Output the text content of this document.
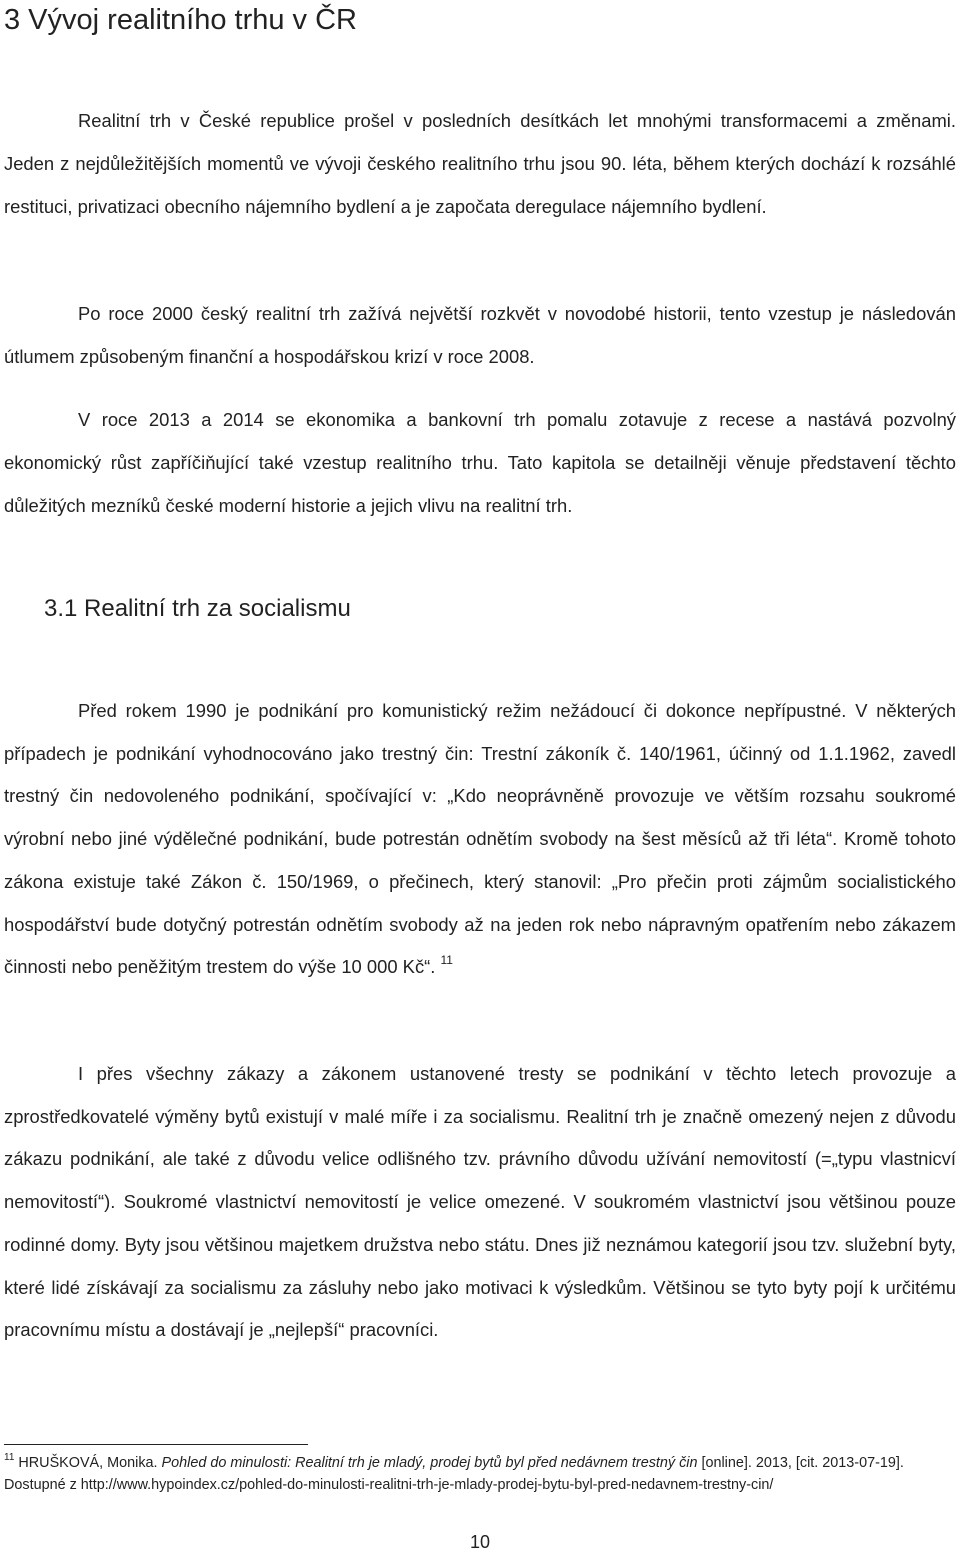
3 Vývoj realitního trhu v ČR

Realitní trh v České republice prošel v posledních desítkách let mnohými transformacemi a změnami. Jeden z nejdůležitějších momentů ve vývoji českého realitního trhu jsou 90. léta, během kterých dochází k rozsáhlé restituci, privatizaci obecního nájemního bydlení a je započata deregulace nájemního bydlení.

Po roce 2000 český realitní trh zažívá největší rozkvět v novodobé historii, tento vzestup je následován útlumem způsobeným finanční a hospodářskou krizí v roce 2008.

V roce 2013 a 2014 se ekonomika a bankovní trh pomalu zotavuje z recese a nastává pozvolný ekonomický růst zapříčiňující také vzestup realitního trhu. Tato kapitola se detailněji věnuje představení těchto důležitých mezníků české moderní historie a jejich vlivu na realitní trh.

3.1 Realitní trh za socialismu

Před rokem 1990 je podnikání pro komunistický režim nežádoucí či dokonce nepřípustné. V některých případech je podnikání vyhodnocováno jako trestný čin: Trestní zákoník č. 140/1961, účinný od 1.1.1962, zavedl trestný čin nedovoleného podnikání, spočívající v: „Kdo neoprávněně provozuje ve větším rozsahu soukromé výrobní nebo jiné výdělečné podnikání, bude potrestán odnětím svobody na šest měsíců až tři léta“. Kromě tohoto zákona existuje také Zákon č. 150/1969, o přečinech, který stanovil: „Pro přečin proti zájmům socialistického hospodářství bude dotyčný potrestán odnětím svobody až na jeden rok nebo nápravným opatřením nebo zákazem činnosti nebo peněžitým trestem do výše 10 000 Kč“. $^{11}$

I přes všechny zákazy a zákonem ustanovené tresty se podnikání v těchto letech provozuje a zprostředkovatelé výměny bytů existují v malé míře i za socialismu. Realitní trh je značně omezený nejen z důvodu zákazu podnikání, ale také z důvodu velice odlišného tzv. právního důvodu užívání nemovitostí (=„typu vlastnicví nemovitostí“). Soukromé vlastnictví nemovitostí je velice omezené. V soukromém vlastnictví jsou většinou pouze rodinné domy. Byty jsou většinou majetkem družstva nebo státu. Dnes již neznámou kategorií jsou tzv. služební byty, které lidé získávají za socialismu za zásluhy nebo jako motivaci k výsledkům. Většinou se tyto byty pojí k určitému pracovnímu místu a dostávají je „nejlepší“ pracovníci.

$^{11}$ HRUŠKOVÁ, Monika. Pohled do minulosti: Realitní trh je mladý, prodej bytů byl před nedávnem trestný čin [online]. 2013, [cit. 2013-07-19]. Dostupné z http://www.hypoindex.cz/pohled-do-minulosti-realitni-trh-je-mlady-prodej-bytu-byl-pred-nedavnem-trestny-cin/

10
